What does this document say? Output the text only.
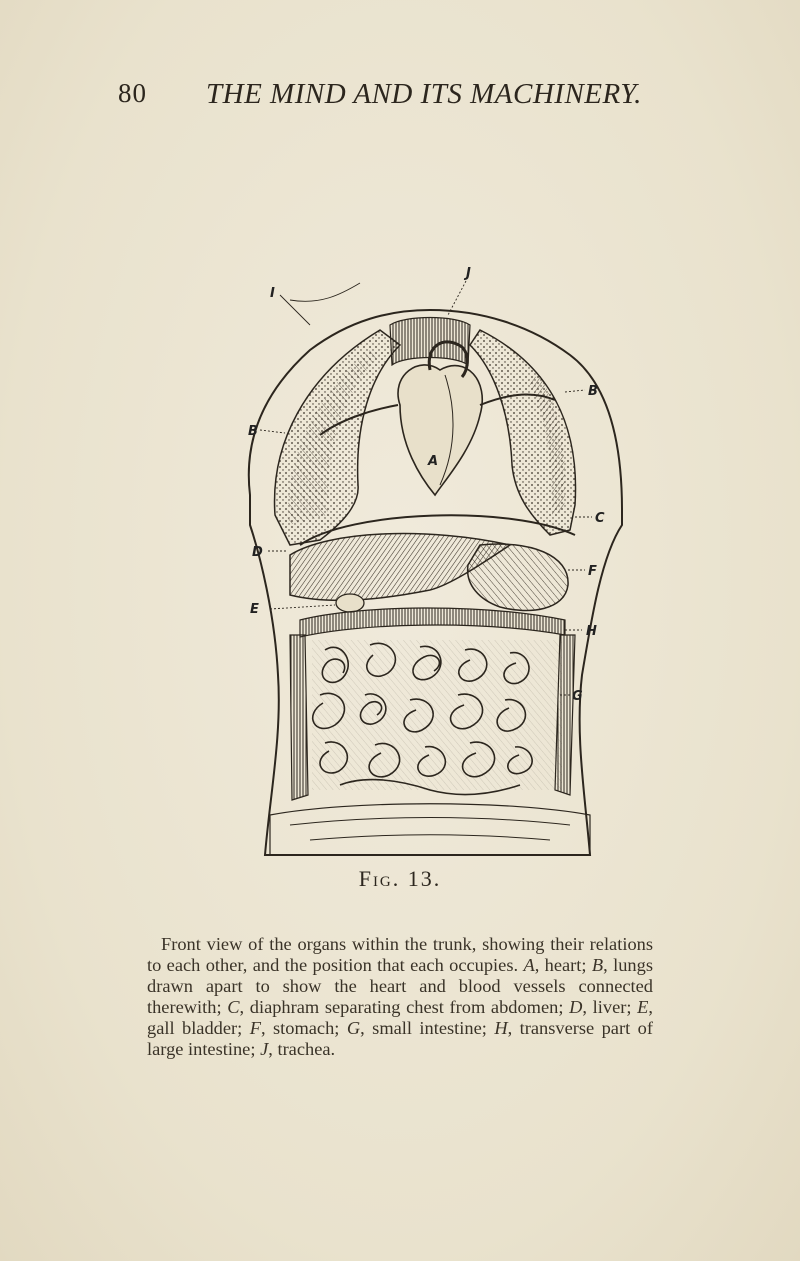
80 THE MIND AND ITS MACHINERY.
I
J
A
B
B
C
D
E
F
H
G
Fig. 13.
Front view of the organs within the trunk, showing their relations to each other, and the position that each occupies. A, heart; B, lungs drawn apart to show the heart and blood vessels connected therewith; C, diaphram separating chest from abdomen; D, liver; E, gall bladder; F, stomach; G, small intestine; H, transverse part of large intestine; J, trachea.
